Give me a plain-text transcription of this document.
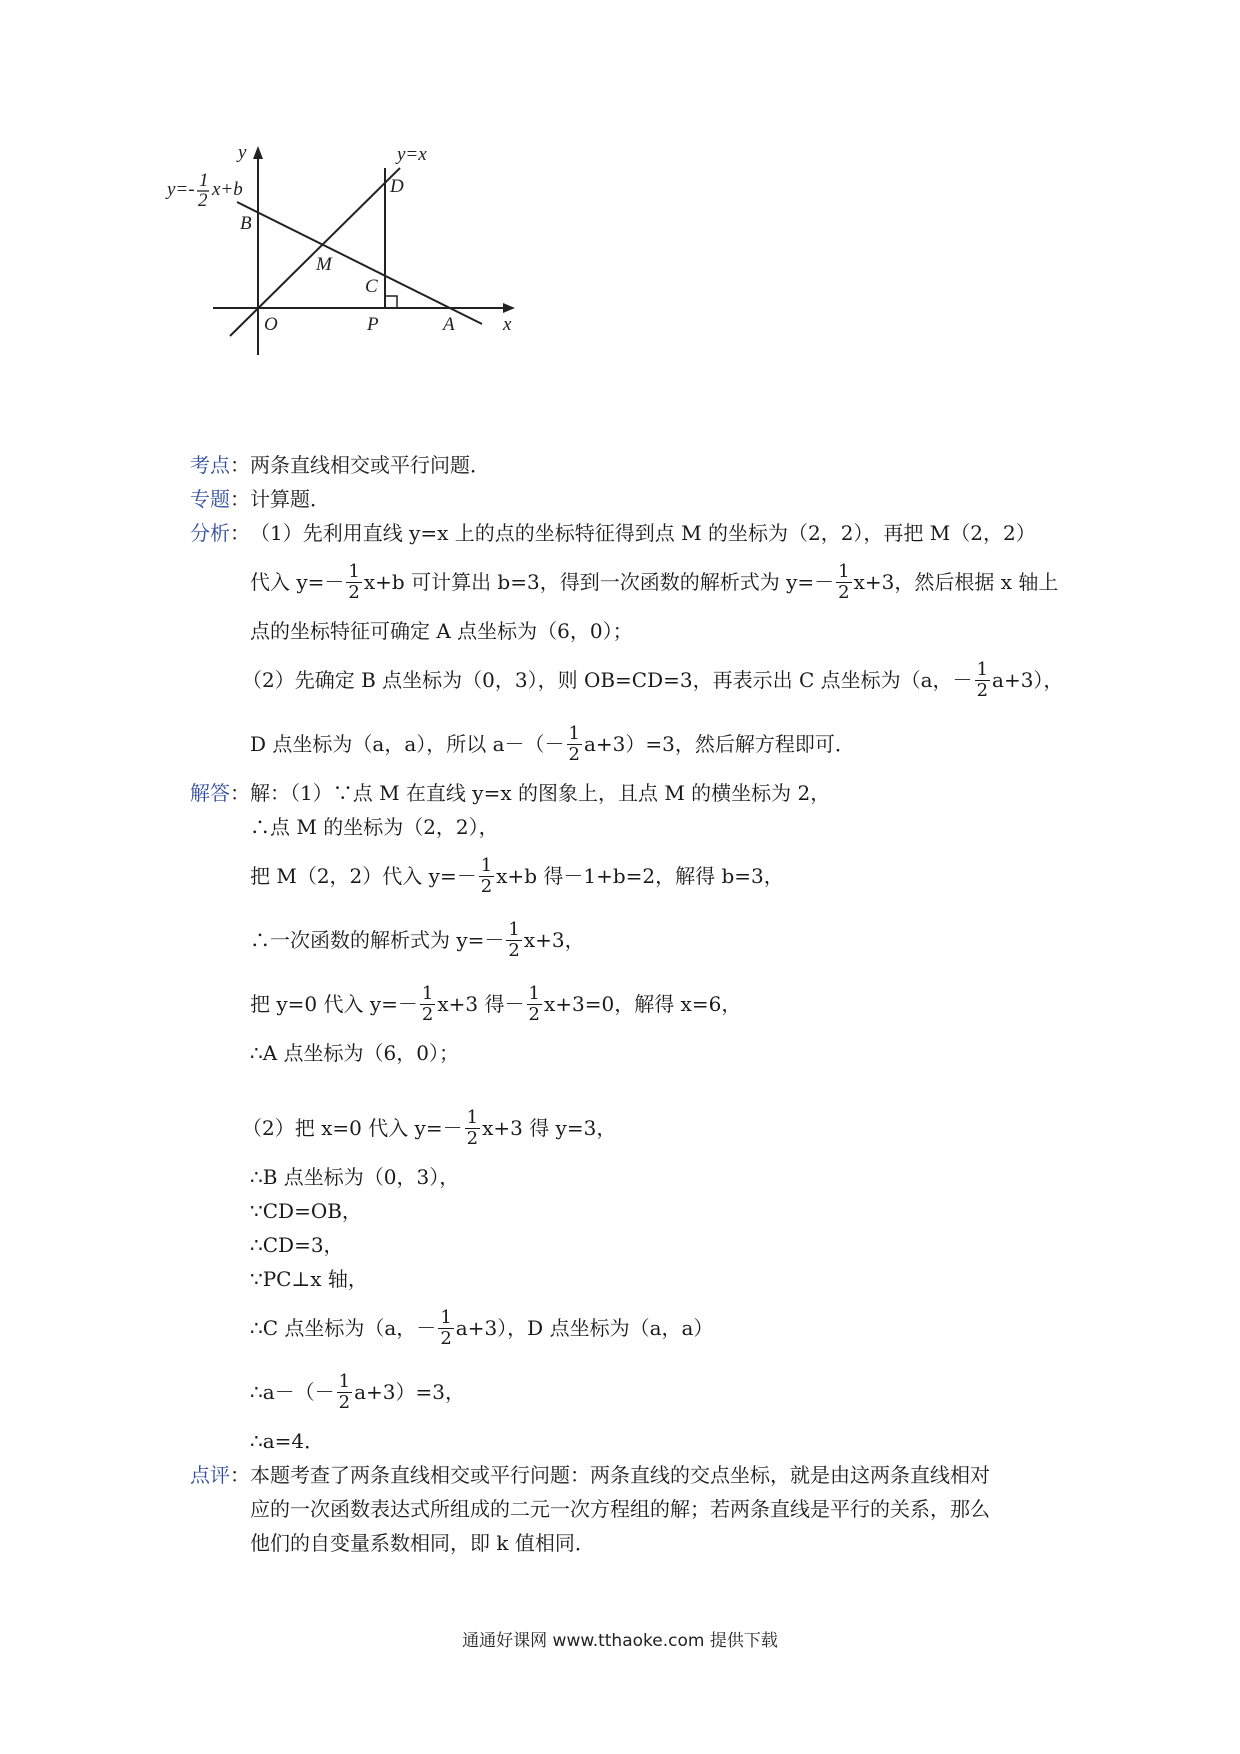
y
x
y=x
y=- 1
2
x+b
B
D
M
C
O	P	A
考点 ： 两条直线相交或平行问题．
专题 ： 计算题．
分析 ： （1）先利用直线 y=x 上的点的坐标特征得到点 M 的坐标为（2，2），再把 M（2，2）
代入 $y=- \frac{1}{2} x+b$ 可计算出 b=3，得到一次函数的解析式为 $y=- \frac{1}{2} x+3$，然后根据 x 轴上
点的坐标特征可确定 A 点坐标为（6，0）；
（2）先确定 B 点坐标为（0，3），则 OB=CD=3，再表示出 C 点坐标为（a，－ $\frac{1}{2} a+3$），
D 点坐标为（a，a），所以 $a-(- \frac{1}{2} a+3)=3$，然后解方程即可．
解答 ： 解：（1）∵点 M 在直线 y=x 的图象上，且点 M 的横坐标为 2，
∴点 M 的坐标为（2，2），
把 M（2，2）代入 $y=- \frac{1}{2} x+b$ 得－1+b=2，解得 b=3，
∴一次函数的解析式为 $y=- \frac{1}{2} x+3$，
把 y=0 代入 $y=- \frac{1}{2} x+3$ 得－ $\frac{1}{2} x+3=0$，解得 x=6，
∴A 点坐标为（6，0）；
（2）把 x=0 代入 $y=- \frac{1}{2} x+3$ 得 y=3，
∴B 点坐标为（0，3），
∵CD=OB，
∴CD=3，
∵PC⊥x 轴，
∴C 点坐标为（a，－ $\frac{1}{2} a+3$），D 点坐标为（a，a）
∴a－（－ $\frac{1}{2} a+3)=3$，
∴a=4．
点评 ： 本题考查了两条直线相交或平行问题：两条直线的交点坐标，就是由这两条直线相对
应的一次函数表达式所组成的二元一次方程组的解；若两条直线是平行的关系，那么
他们的自变量系数相同，即 k 值相同．
通通好课网 www.tthaoke.com 提供下载
